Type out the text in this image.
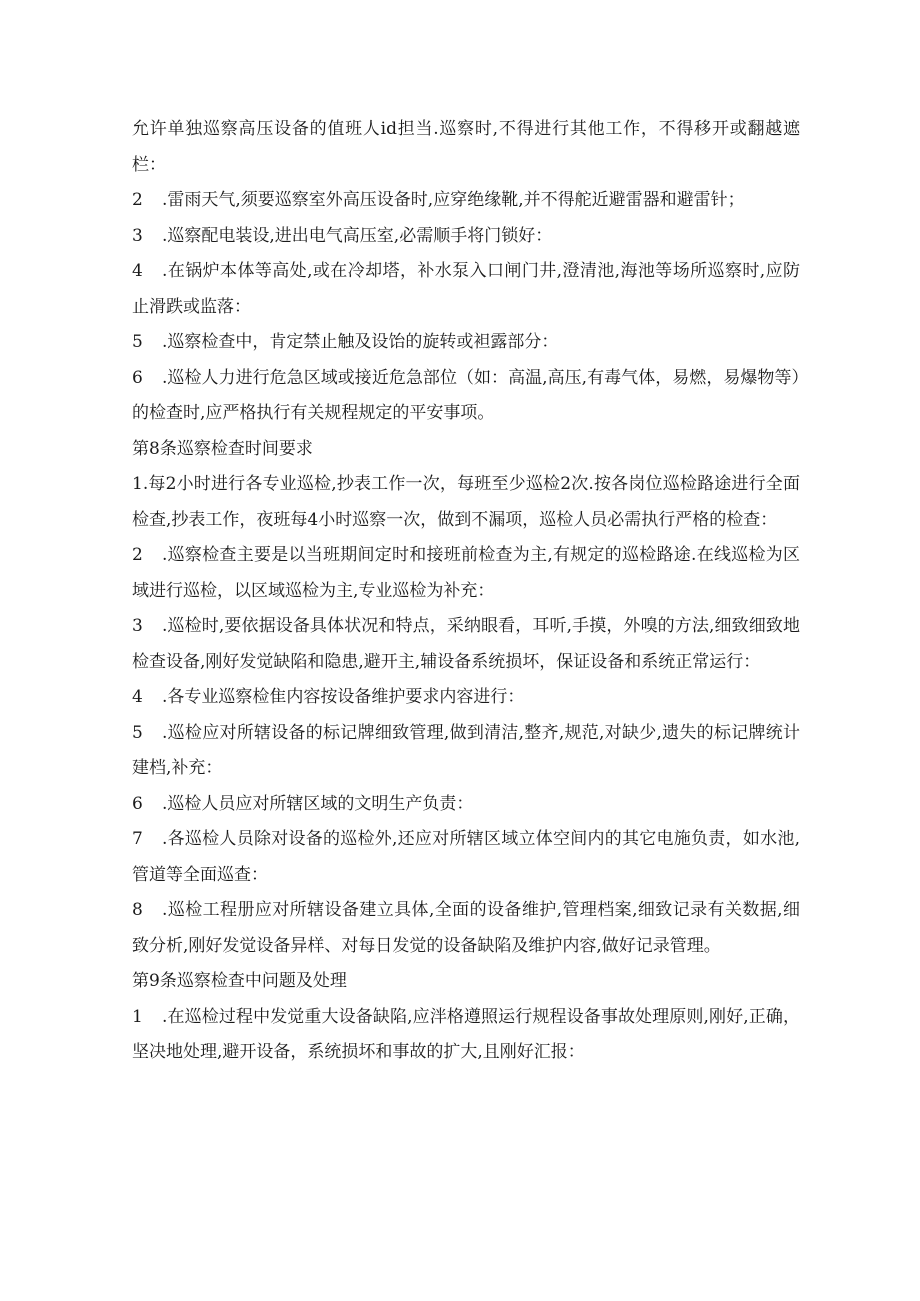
允许单独巡察高压设备的值班人id担当.巡察时,不得进行其他工作，不得移开或翻越遮栏：

2 .雷雨天气,须要巡察室外高压设备时,应穿绝缘靴,并不得舵近避雷器和避雷针；

3 .巡察配电装设,进出电气高压室,必需顺手将门锁好：

4 .在锅炉本体等高处,或在冷却塔，补水泵入口闸门井,澄清池,海池等场所巡察时,应防止滑跌或监落：

5 .巡察检查中，肯定禁止触及设饴的旋转或袒露部分：

6 .巡检人力进行危急区域或接近危急部位（如：高温,高压,有毒气体，易燃，易爆物等）的检查时,应严格执行有关规程规定的平安事项。

第8条巡察检查时间要求

1.每2小时进行各专业巡检,抄表工作一次，每班至少巡检2次.按各岗位巡检路途进行全面检查,抄表工作，夜班每4小时巡察一次，做到不漏项，巡检人员必需执行严格的检查：

2 .巡察检查主要是以当班期间定时和接班前检查为主,有规定的巡检路途.在线巡检为区域进行巡检，以区域巡检为主,专业巡检为补充：

3 .巡检时,要依据设备具体状况和特点，采纳眼看，耳听,手摸，外嗅的方法,细致细致地检查设备,刚好发觉缺陷和隐患,避开主,辅设备系统损坏，保证设备和系统正常运行：

4 .各专业巡察检隹内容按设备维护要求内容进行：

5 .巡检应对所辖设备的标记牌细致管理,做到清洁,整齐,规范,对缺少,遗失的标记牌统计建档,补充：

6 .巡检人员应对所辖区域的文明生产负责：

7 .各巡检人员除对设备的巡检外,还应对所辖区域立体空间内的其它电施负责，如水池,管道等全面巡查：

8 .巡检工程册应对所辖设备建立具体,全面的设备维护,管理档案,细致记录有关数据,细致分析,刚好发觉设备异样、对每日发觉的设备缺陷及维护内容,做好记录管理。

第9条巡察检查中问题及处理

1 .在巡检过程中发觉重大设备缺陷,应泮格遵照运行规程设备事故处理原则,刚好,正确，坚决地处理,避开设备，系统损坏和事故的扩大,且刚好汇报：
